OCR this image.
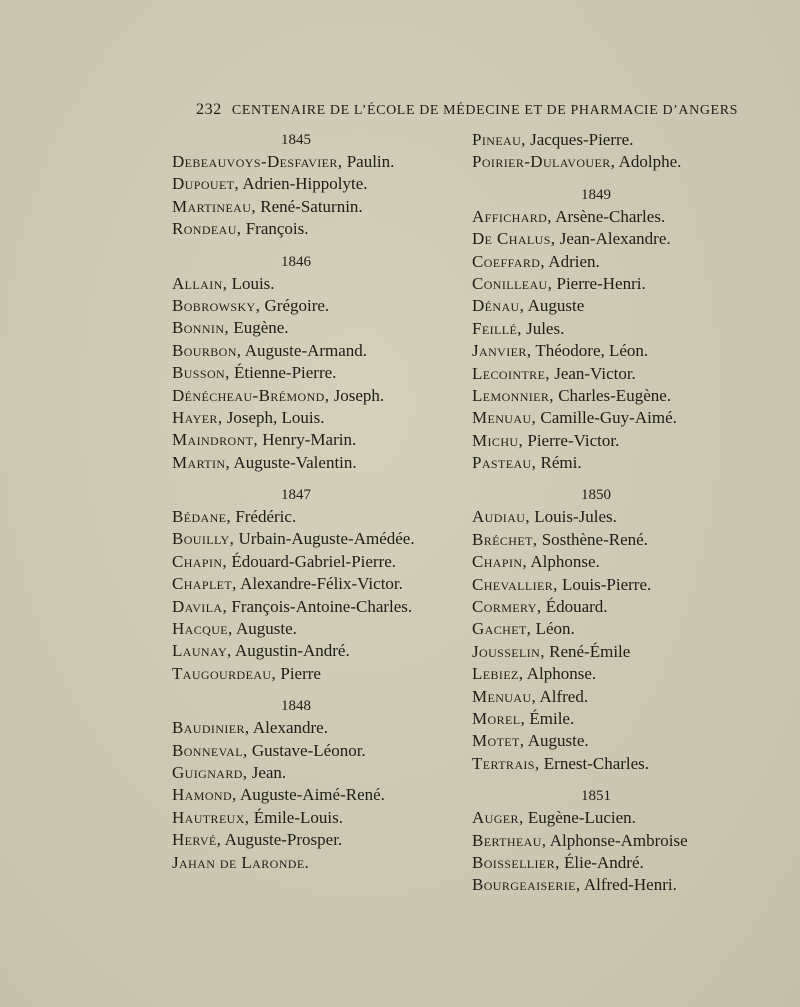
232 CENTENAIRE DE L’ÉCOLE DE MÉDECINE ET DE PHARMACIE D’ANGERS
1845
Debeauvoys-Desfavier, Paulin.
Dupouet, Adrien-Hippolyte.
Martineau, René-Saturnin.
Rondeau, François.
1846
Allain, Louis.
Bobrowsky, Grégoire.
Bonnin, Eugène.
Bourbon, Auguste-Armand.
Busson, Étienne-Pierre.
Dénécheau-Brémond, Joseph.
Hayer, Joseph, Louis.
Maindront, Henry-Marin.
Martin, Auguste-Valentin.
1847
Bédane, Frédéric.
Bouilly, Urbain-Auguste-Amédée.
Chapin, Édouard-Gabriel-Pierre.
Chaplet, Alexandre-Félix-Victor.
Davila, François-Antoine-Charles.
Hacque, Auguste.
Launay, Augustin-André.
Taugourdeau, Pierre
1848
Baudinier, Alexandre.
Bonneval, Gustave-Léonor.
Guignard, Jean.
Hamond, Auguste-Aimé-René.
Hautreux, Émile-Louis.
Hervé, Auguste-Prosper.
Jahan de Laronde.
Pineau, Jacques-Pierre.
Poirier-Dulavouer, Adolphe.
1849
Affichard, Arsène-Charles.
De Chalus, Jean-Alexandre.
Coeffard, Adrien.
Conilleau, Pierre-Henri.
Dénau, Auguste
Feillé, Jules.
Janvier, Théodore, Léon.
Lecointre, Jean-Victor.
Lemonnier, Charles-Eugène.
Menuau, Camille-Guy-Aimé.
Michu, Pierre-Victor.
Pasteau, Rémi.
1850
Audiau, Louis-Jules.
Bréchet, Sosthène-René.
Chapin, Alphonse.
Chevallier, Louis-Pierre.
Cormery, Édouard.
Gachet, Léon.
Jousselin, René-Émile
Lebiez, Alphonse.
Menuau, Alfred.
Morel, Émile.
Motet, Auguste.
Tertrais, Ernest-Charles.
1851
Auger, Eugène-Lucien.
Bertheau, Alphonse-Ambroise
Boissellier, Élie-André.
Bourgeaiserie, Alfred-Henri.
